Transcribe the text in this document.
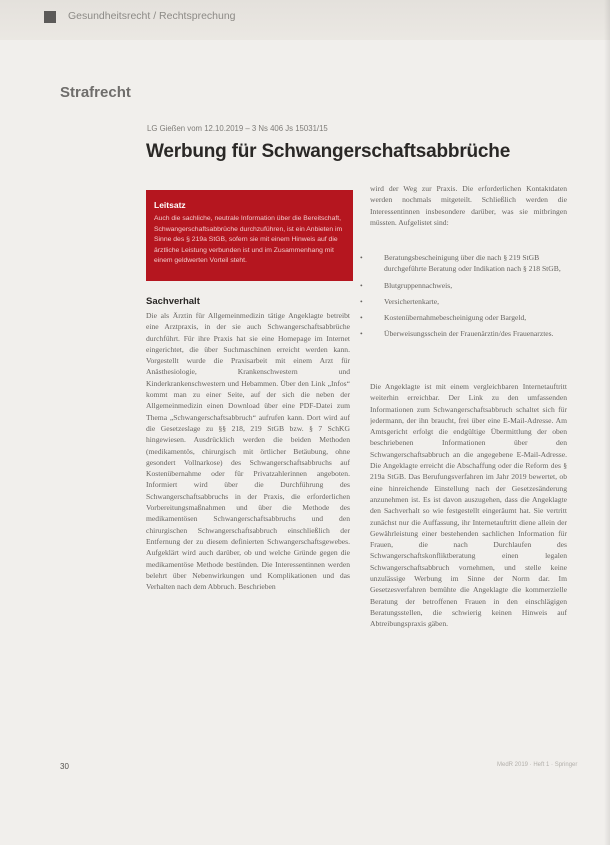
Gesundheitsrecht / Rechtsprechung
Strafrecht
LG Gießen vom 12.10.2019 – 3 Ns 406 Js 15031/15
Werbung für Schwangerschaftsabbrüche
Leitsatz
Auch die sachliche, neutrale Information über die Bereitschaft, Schwangerschaftsabbrüche durchzuführen, ist ein Anbieten im Sinne des § 219a StGB, sofern sie mit einem Hinweis auf die ärztliche Leistung verbunden ist und im Zusammenhang mit einem geldwerten Vorteil steht.
Sachverhalt
Die als Ärztin für Allgemeinmedizin tätige Angeklagte betreibt eine Arztpraxis, in der sie auch Schwangerschaftsabbrüche durchführt. Für ihre Praxis hat sie eine Homepage im Internet eingerichtet, die über Suchmaschinen erreicht werden kann. Vorgestellt wurde die Praxisarbeit mit einem Arzt für Anästhesiologie, Krankenschwestern und Kinderkrankenschwestern und Hebammen. Über den Link „Infos“ kommt man zu einer Seite, auf der sich die neben der Allgemeinmedizin einen Download über eine PDF-Datei zum Thema „Schwangerschaftsabbruch“ aufrufen kann. Dort wird auf die Gesetzeslage zu §§ 218, 219 StGB bzw. § 7 SchKG hingewiesen. Ausdrücklich werden die beiden Methoden (medikamentös, chirurgisch mit örtlicher Betäubung, ohne gesondert Vollnarkose) des Schwangerschaftsabbruchs auf Kostenübernahme oder für Privatzahlerinnen angeboten. Informiert wird über die Durchführung des Schwangerschaftsabbruchs in der Praxis, die erforderlichen Vorbereitungsmaßnahmen und über die Methode des medikamentösen Schwangerschaftsabbruchs und den chirurgischen Schwangerschaftsabbruch einschließlich der Entfernung der zu diesem definierten Schwangerschaftsgewebes. Aufgeklärt wird auch darüber, ob und welche Gründe gegen die medikamentöse Methode bestünden. Die Interessentinnen werden belehrt über Nebenwirkungen und Komplikationen und das Verhalten nach dem Abbruch. Beschrieben
wird der Weg zur Praxis. Die erforderlichen Kontaktdaten werden nochmals mitgeteilt. Schließlich werden die Interessentinnen insbesondere darüber, was sie mitbringen müssten. Aufgelistet sind:
• Beratungsbescheinigung über die nach § 219 StGB durchgeführte Beratung oder Indikation nach § 218 StGB,
• Blutgruppennachweis,
• Versichertenkarte,
• Kostenübernahmebescheinigung oder Bargeld,
• Überweisungsschein der Frauenärztin/des Frauenarztes.
Die Angeklagte ist mit einem vergleichbaren Internetauftritt weiterhin erreichbar. Der Link zu den umfassenden Informationen zum Schwangerschaftsabbruch schaltet sich für jedermann, der ihn braucht, frei über eine E-Mail-Adresse. Am Amtsgericht erfolgt die endgültige Übermittlung der oben beschriebenen Informationen über den Schwangerschaftsabbruch an die angegebene E-Mail-Adresse. Die Angeklagte erreicht die Abschaffung oder die Reform des § 219a StGB. Das Berufungsverfahren im Jahr 2019 bewertet, ob eine hinreichende Einstellung nach der Gesetzesänderung anzunehmen ist. Es ist davon auszugehen, dass die Angeklagte den Sachverhalt so wie festgestellt eingeräumt hat. Sie vertritt zunächst nur die Auffassung, ihr Internetauftritt diene allein der Gewährleistung einer bestehenden sachlichen Information für Frauen, die nach Durchlaufen des Schwangerschaftskonfliktberatung einen legalen Schwangerschaftsabbruch vornehmen, und stelle keine unzulässige Werbung im Sinne der Norm dar. Im Gesetzesverfahren bemühte die Angeklagte die kommerzielle Beratung der betroffenen Frauen in den einschlägigen Beratungsstellen, die schwierig keinen Hinweis auf Abtreibungspraxis gäben.
30	MedR 2019 · Heft 1 · Springer
